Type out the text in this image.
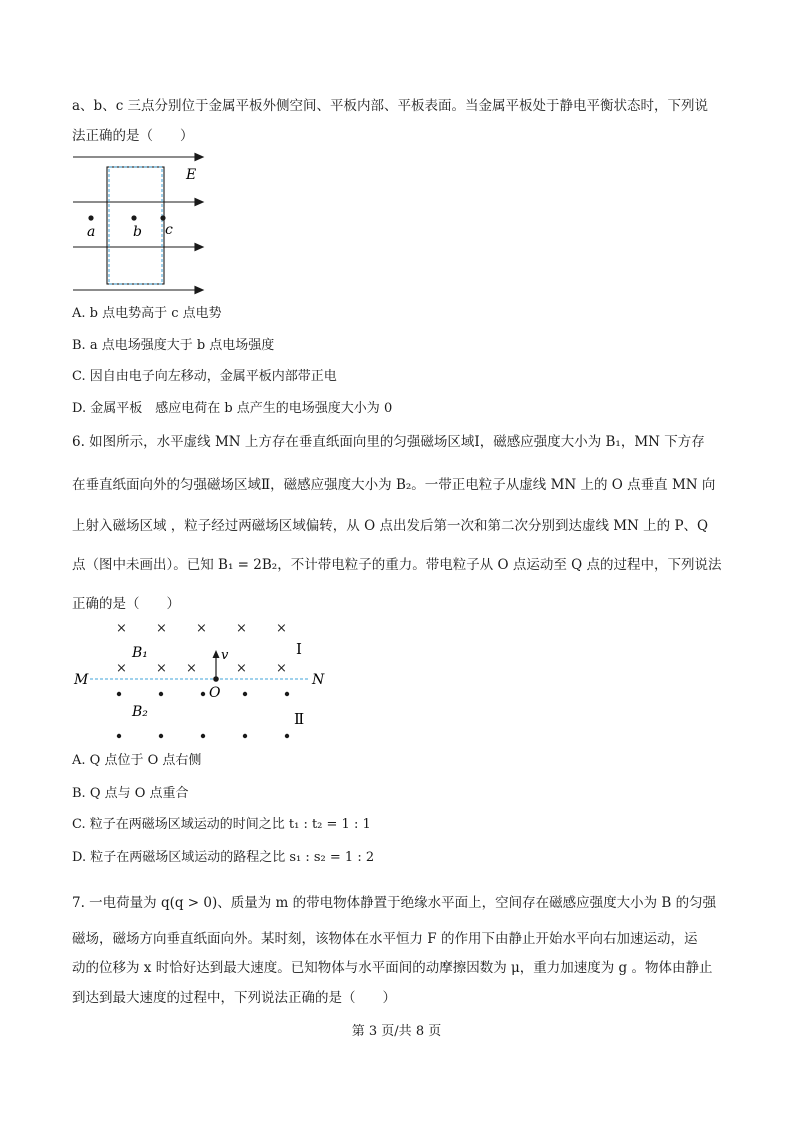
a、b、c 三点分别位于金属平板外侧空间、平板内部、平板表面。当金属平板处于静电平衡状态时，下列说
法正确的是（　　）
a	b c
E
A. b 点电势高于 c 点电势
B. a 点电场强度大于 b 点电场强度
C. 因自由电子向左移动，金属平板内部带正电
D. 金属平板　感应电荷在 b 点产生的电场强度大小为 0
6. 如图所示，水平虚线 MN 上方存在垂直纸面向里的匀强磁场区域Ⅰ，磁感应强度大小为 B₁，MN 下方存
在垂直纸面向外的匀强磁场区域Ⅱ，磁感应强度大小为 B₂。一带正电粒子从虚线 MN 上的 O 点垂直 MN 向
上射入磁场区域 ，粒子经过两磁场区域偏转，从 O 点出发后第一次和第二次分别到达虚线 MN 上的 P、Q
点（图中未画出）。已知 B₁ = 2B₂，不计带电粒子的重力。带电粒子从 O 点运动至 Q 点的过程中，下列说法
正确的是（　　）
× × × × ×
× × ×	× ×
M	N
O
v
B₁
B₂
Ⅰ
Ⅱ
A. Q 点位于 O 点右侧
B. Q 点与 O 点重合
C. 粒子在两磁场区域运动的时间之比 t₁ : t₂ = 1 : 1
D. 粒子在两磁场区域运动的路程之比 s₁ : s₂ = 1 : 2
7. 一电荷量为 q(q > 0)、质量为 m 的带电物体静置于绝缘水平面上，空间存在磁感应强度大小为 B 的匀强
磁场，磁场方向垂直纸面向外。某时刻，该物体在水平恒力 F 的作用下由静止开始水平向右加速运动，运
动的位移为 x 时恰好达到最大速度。已知物体与水平面间的动摩擦因数为 μ，重力加速度为 g 。物体由静止
到达到最大速度的过程中，下列说法正确的是（　　）
第 3 页/共 8 页
